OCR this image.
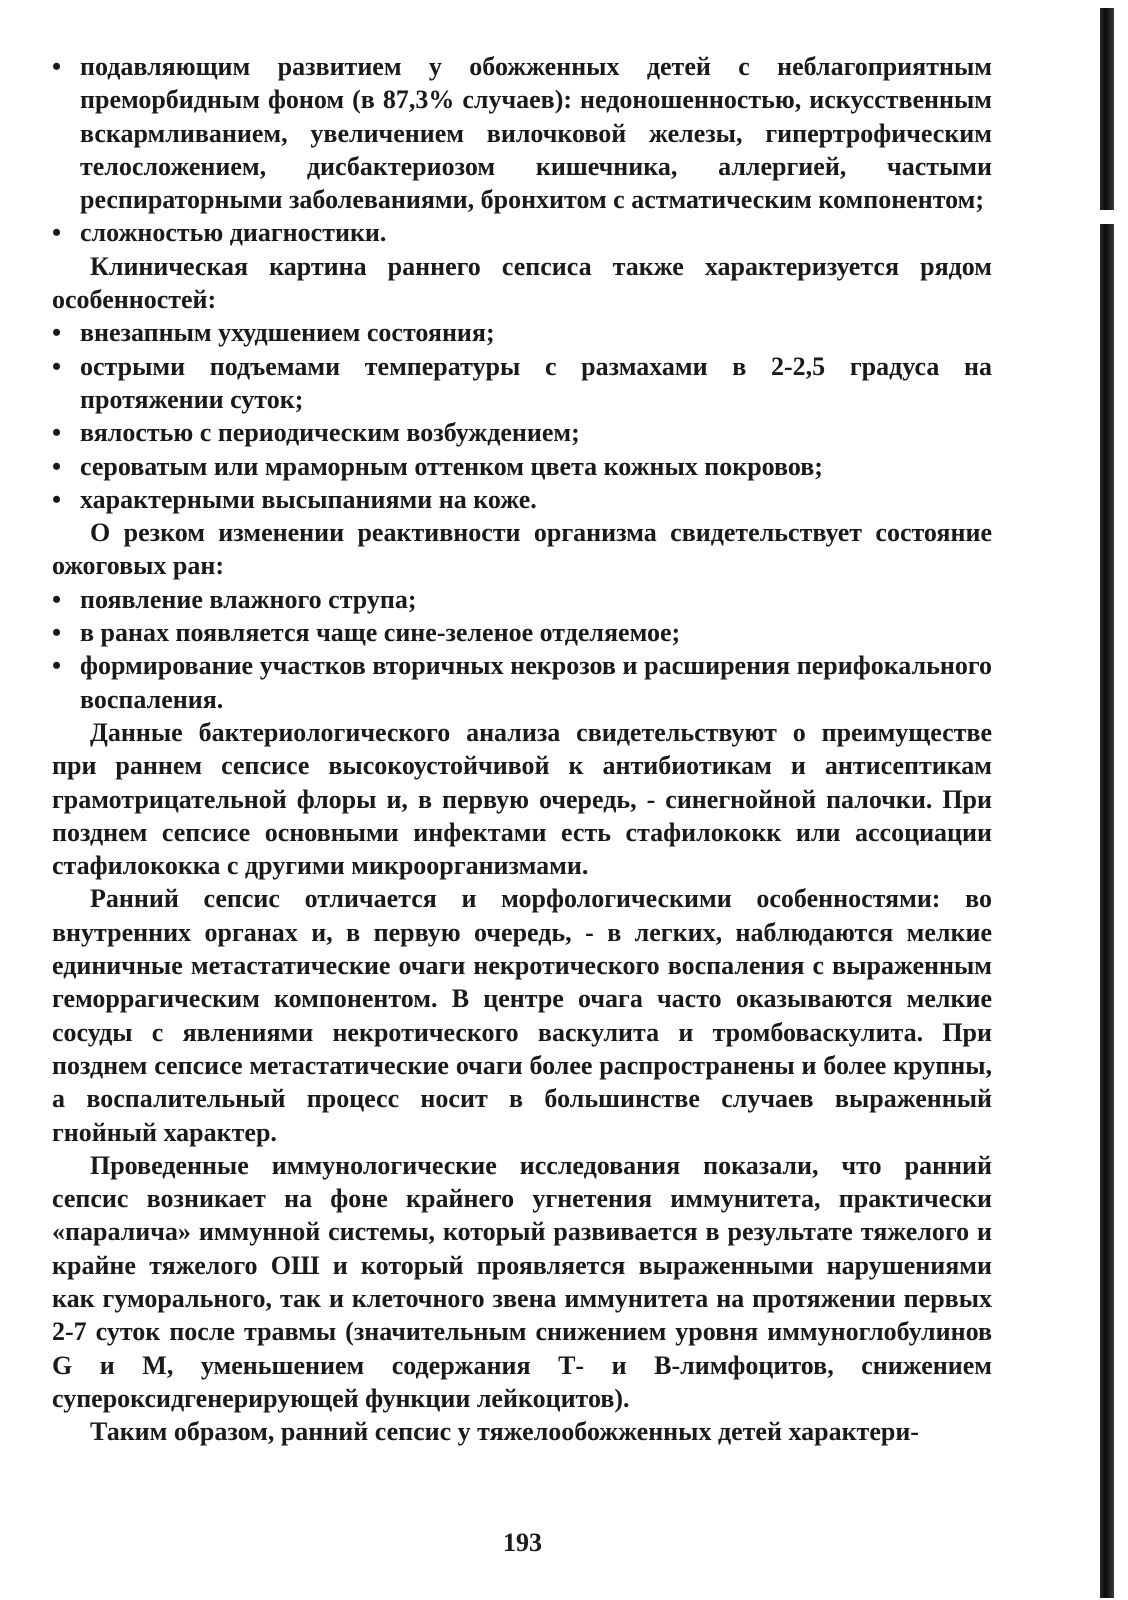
• подавляющим развитием у обожженных детей с неблагоприятным преморбидным фоном (в 87,3% случаев): недоношенностью, искусственным вскармливанием, увеличением вилочковой железы, гипертрофическим телосложением, дисбактериозом кишечника, аллергией, частыми респираторными заболеваниями, бронхитом с астматическим компонентом;
• сложностью диагностики.

Клиническая картина раннего сепсиса также характеризуется рядом особенностей:

• внезапным ухудшением состояния;
• острыми подъемами температуры с размахами в 2-2,5 градуса на протяжении суток;
• вялостью с периодическим возбуждением;
• сероватым или мраморным оттенком цвета кожных покровов;
• характерными высыпаниями на коже.

О резком изменении реактивности организма свидетельствует состояние ожоговых ран:

• появление влажного струпа;
• в ранах появляется чаще сине-зеленое отделяемое;
• формирование участков вторичных некрозов и расширения перифокального воспаления.

Данные бактериологического анализа свидетельствуют о преимуществе при раннем сепсисе высокоустойчивой к антибиотикам и антисептикам грамотрицательной флоры и, в первую очередь, - синегнойной палочки. При позднем сепсисе основными инфектами есть стафилококк или ассоциации стафилококка с другими микроорганизмами.

Ранний сепсис отличается и морфологическими особенностями: во внутренних органах и, в первую очередь, - в легких, наблюдаются мелкие единичные метастатические очаги некротического воспаления с выраженным геморрагическим компонентом. В центре очага часто оказываются мелкие сосуды с явлениями некротического васкулита и тромбоваскулита. При позднем сепсисе метастатические очаги более распространены и более крупны, а воспалительный процесс носит в большинстве случаев выраженный гнойный характер.

Проведенные иммунологические исследования показали, что ранний сепсис возникает на фоне крайнего угнетения иммунитета, практически «паралича» иммунной системы, который развивается в результате тяжелого и крайне тяжелого ОШ и который проявляется выраженными нарушениями как гуморального, так и клеточного звена иммунитета на протяжении первых 2-7 суток после травмы (значительным снижением уровня иммуноглобулинов G и M, уменьшением содержания Т- и В-лимфоцитов, снижением супероксидгенерирующей функции лейкоцитов).

Таким образом, ранний сепсис у тяжелообожженных детей характери-

193
